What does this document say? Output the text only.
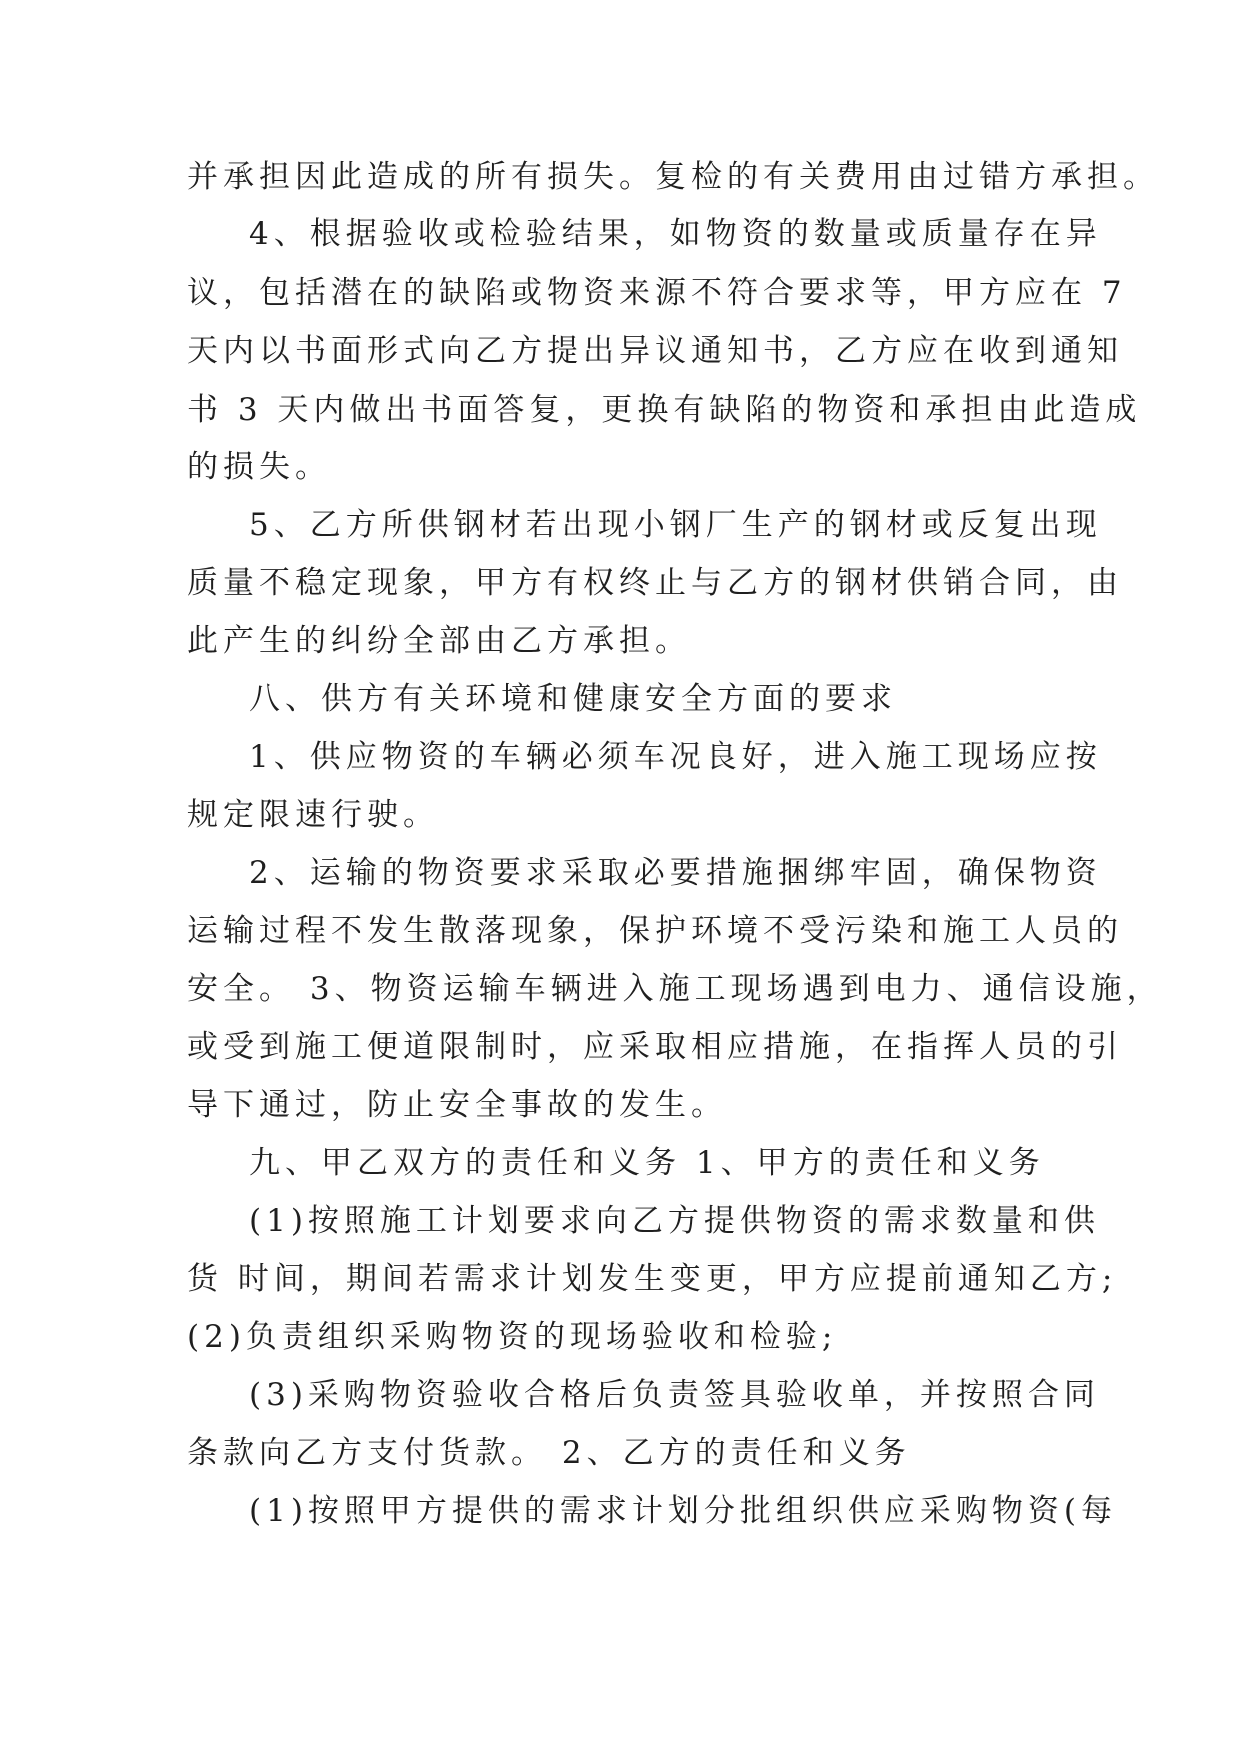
并承担因此造成的所有损失。复检的有关费用由过错方承担。
4、根据验收或检验结果，如物资的数量或质量存在异
议，包括潜在的缺陷或物资来源不符合要求等，甲方应在 7
天内以书面形式向乙方提出异议通知书，乙方应在收到通知
书 3 天内做出书面答复，更换有缺陷的物资和承担由此造成
的损失。
5、乙方所供钢材若出现小钢厂生产的钢材或反复出现
质量不稳定现象，甲方有权终止与乙方的钢材供销合同，由
此产生的纠纷全部由乙方承担。
八、供方有关环境和健康安全方面的要求
1、供应物资的车辆必须车况良好，进入施工现场应按
规定限速行驶。
2、运输的物资要求采取必要措施捆绑牢固，确保物资
运输过程不发生散落现象，保护环境不受污染和施工人员的
安全。 3、物资运输车辆进入施工现场遇到电力、通信设施，
或受到施工便道限制时，应采取相应措施，在指挥人员的引
导下通过，防止安全事故的发生。
九、甲乙双方的责任和义务 1、甲方的责任和义务
(1)按照施工计划要求向乙方提供物资的需求数量和供
货 时间，期间若需求计划发生变更，甲方应提前通知乙方;
(2)负责组织采购物资的现场验收和检验;
(3)采购物资验收合格后负责签具验收单，并按照合同
条款向乙方支付货款。 2、乙方的责任和义务
(1)按照甲方提供的需求计划分批组织供应采购物资(每
